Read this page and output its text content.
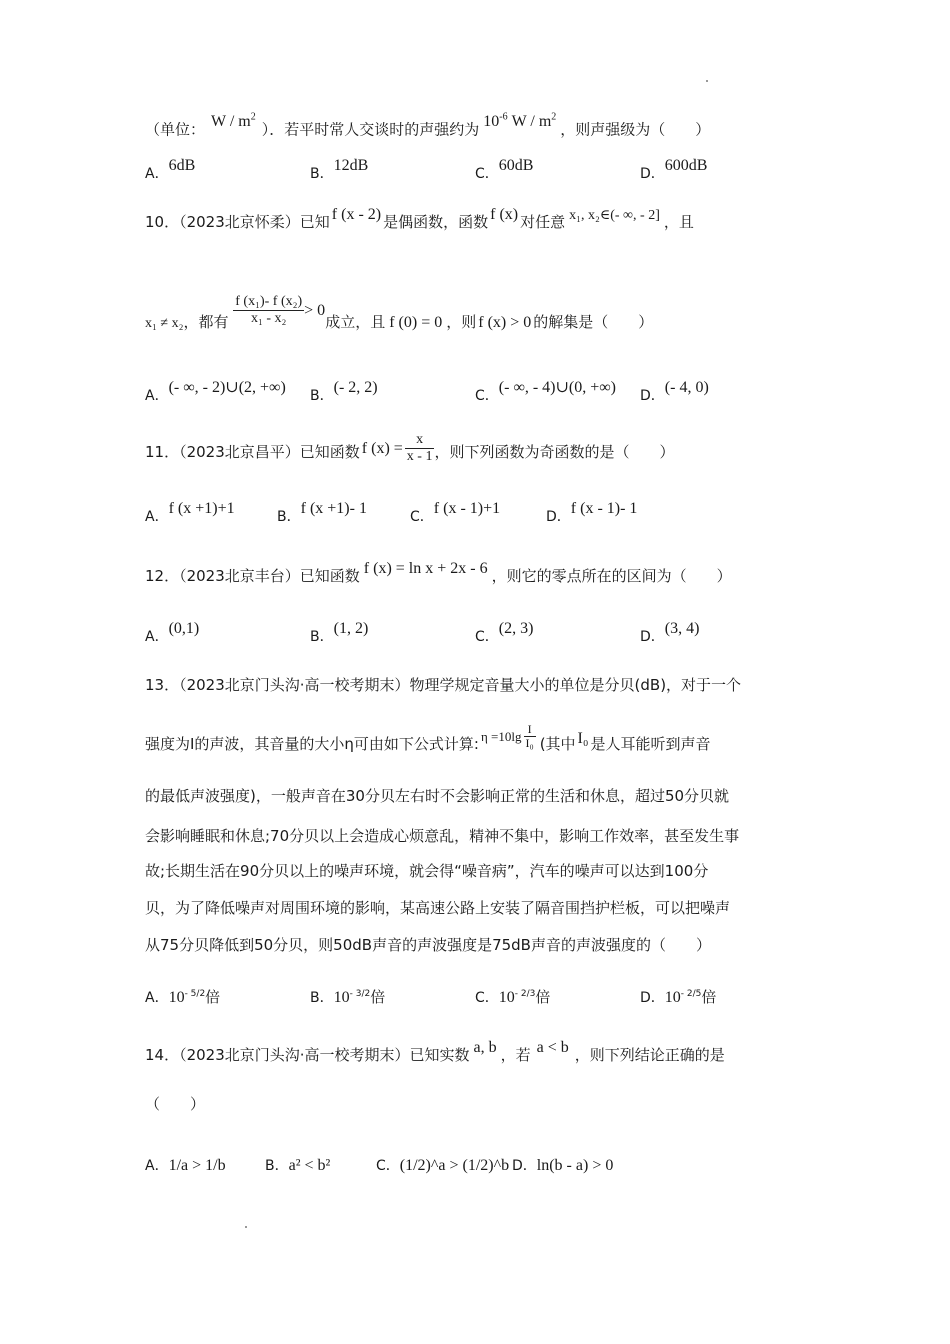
（单位： W / $m^2$）．若平时常人交谈时的声强约为 $10^{-6}$ W / $m^2$，则声强级为（　　）
A．6dB	B．12dB	C．60dB	D．600dB
10．（2023北京怀柔）已知 f (x - 2) 是偶函数，函数 f (x) 对任意 x₁, x₂∈(- ∞, - 2] ，且
x₁ ≠ x₂，都有 $\frac{\text{f (x₁)- f (x₂)}}{\text{x₁ - x₂}} > 0$成立，且 f (0) = 0 ，则 f (x) > 0 的解集是（　　）
A．(- ∞, - 2)∪(2, +∞) B．(- 2, 2)	C．(- ∞, - 4)∪(0, +∞) D．(- 4, 0)
11．（2023北京昌平）已知函数 f $(x) = \frac{x}{x - 1}$ ，则下列函数为奇函数的是（　　）
A．f (x +1)+1	B．f (x +1)- 1	C．f (x - 1)+1	D．f (x - 1)- 1
12．（2023北京丰台）已知函数 f (x) = ln x + 2x - 6 ，则它的零点所在的区间为（　　）
A．(0,1)	B．(1, 2)	C．(2, 3)	D．(3, 4)
13．（2023北京门头沟·高一校考期末）物理学规定音量大小的单位是分贝(dB)，对于一个
强度为I的声波，其音量的大小η可由如下公式计算: $\eta =10\lg \frac{I}{\text{I₀}}$ (其中 I₀ 是人耳能听到声音
的最低声波强度)，一般声音在30分贝左右时不会影响正常的生活和休息，超过50分贝就
会影响睡眠和休息;70分贝以上会造成心烦意乱，精神不集中，影响工作效率，甚至发生事
故;长期生活在90分贝以上的噪声环境，就会得“噪音病”，汽车的噪声可以达到100分
贝，为了降低噪声对周围环境的影响，某高速公路上安装了隔音围挡护栏板，可以把噪声
从75分贝降低到50分贝，则50dB声音的声波强度是75dB声音的声波强度的（　　）
A．$10^{- 5/2}$倍	B．$10^{- 3/2}$倍	C．$10^{- 2/3}$倍	D．$10^{- 2/5}$倍
14．（2023北京门头沟·高一校考期末）已知实数 a, b ，若 a < b ，则下列结论正确的是
（　　）
A．1/a > 1/b	B．a² < b²	C．(1/2)^a > (1/2)^b D．ln(b - a) > 0
